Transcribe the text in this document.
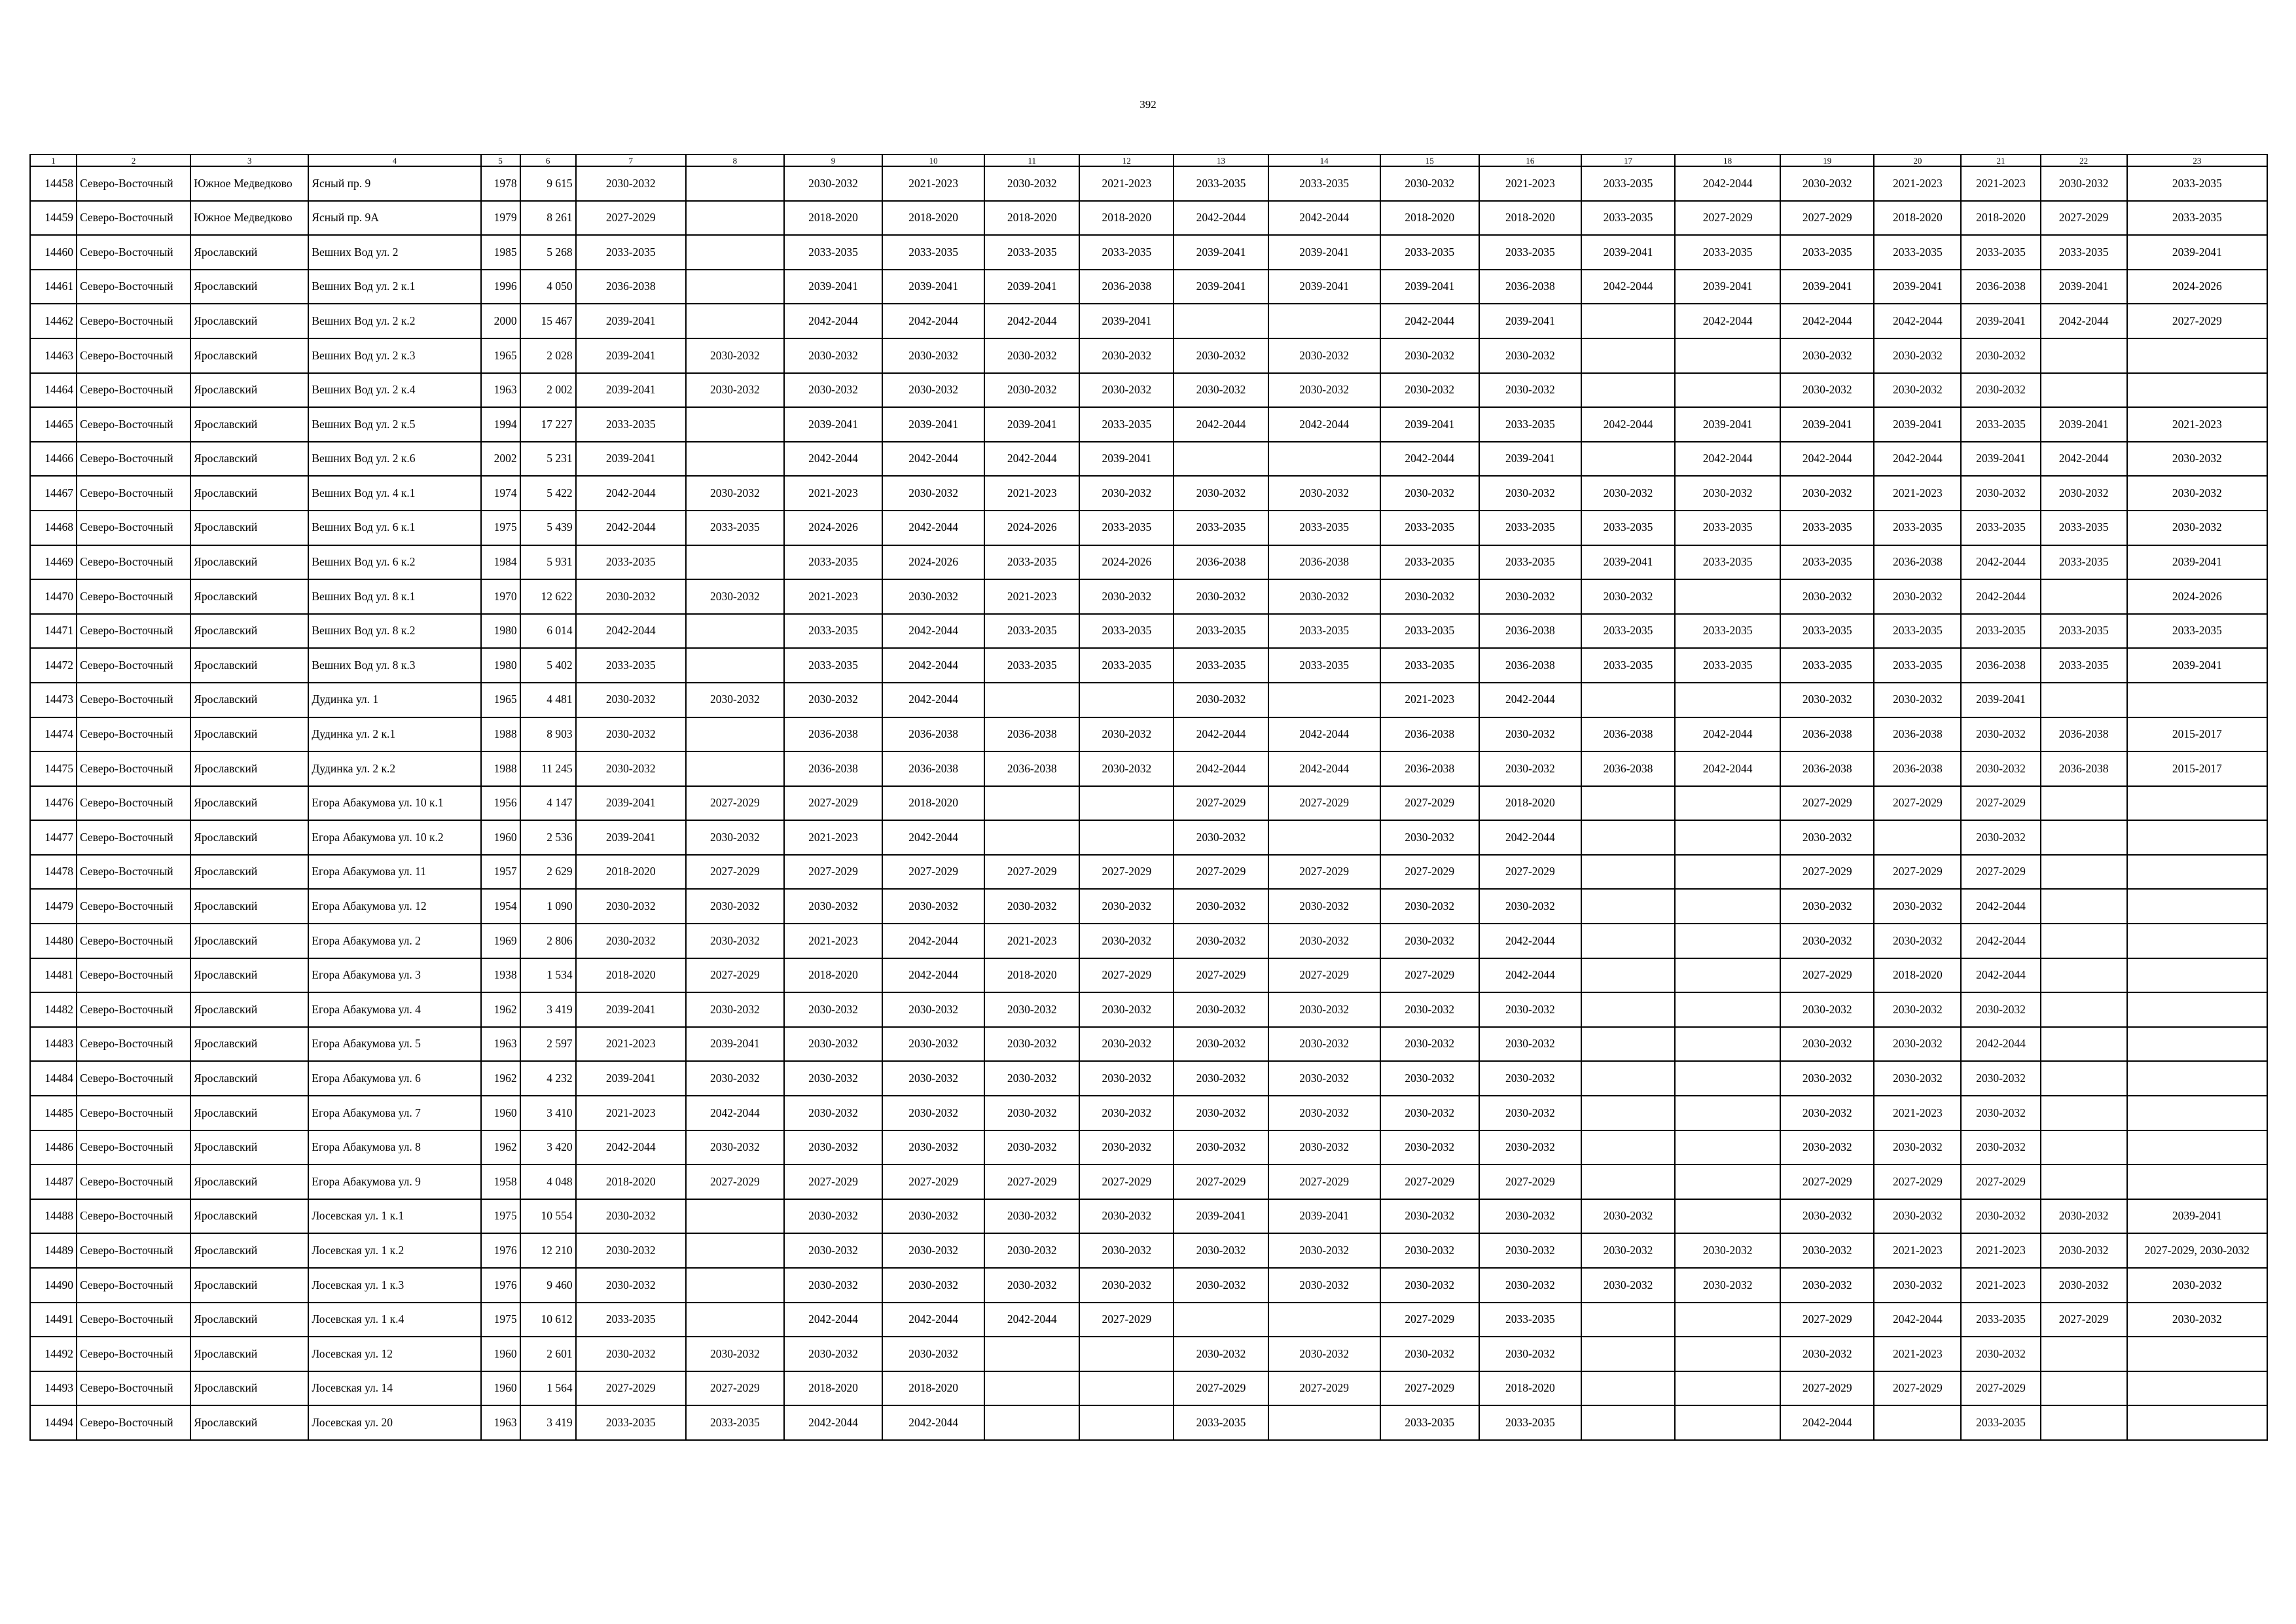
392
1	2	3	4	5	6	7	8	9	10	11	12	13	14	15	16	17	18	19	20	21	22	23
14458	Северо-Восточный	Южное Медведково	Ясный пр. 9	1978	9 615	2030-2032		2030-2032	2021-2023	2030-2032	2021-2023	2033-2035	2033-2035	2030-2032	2021-2023	2033-2035	2042-2044	2030-2032	2021-2023	2021-2023	2030-2032	2033-2035
14459	Северо-Восточный	Южное Медведково	Ясный пр. 9А	1979	8 261	2027-2029		2018-2020	2018-2020	2018-2020	2018-2020	2042-2044	2042-2044	2018-2020	2018-2020	2033-2035	2027-2029	2027-2029	2018-2020	2018-2020	2027-2029	2033-2035
14460	Северо-Восточный	Ярославский	Вешних Вод ул. 2	1985	5 268	2033-2035		2033-2035	2033-2035	2033-2035	2033-2035	2039-2041	2039-2041	2033-2035	2033-2035	2039-2041	2033-2035	2033-2035	2033-2035	2033-2035	2033-2035	2039-2041
14461	Северо-Восточный	Ярославский	Вешних Вод ул. 2 к.1	1996	4 050	2036-2038		2039-2041	2039-2041	2039-2041	2036-2038	2039-2041	2039-2041	2039-2041	2036-2038	2042-2044	2039-2041	2039-2041	2039-2041	2036-2038	2039-2041	2024-2026
14462	Северо-Восточный	Ярославский	Вешних Вод ул. 2 к.2	2000	15 467	2039-2041		2042-2044	2042-2044	2042-2044	2039-2041			2042-2044	2039-2041		2042-2044	2042-2044	2042-2044	2039-2041	2042-2044	2027-2029
14463	Северо-Восточный	Ярославский	Вешних Вод ул. 2 к.3	1965	2 028	2039-2041	2030-2032	2030-2032	2030-2032	2030-2032	2030-2032	2030-2032	2030-2032	2030-2032	2030-2032			2030-2032	2030-2032	2030-2032		
14464	Северо-Восточный	Ярославский	Вешних Вод ул. 2 к.4	1963	2 002	2039-2041	2030-2032	2030-2032	2030-2032	2030-2032	2030-2032	2030-2032	2030-2032	2030-2032	2030-2032			2030-2032	2030-2032	2030-2032		
14465	Северо-Восточный	Ярославский	Вешних Вод ул. 2 к.5	1994	17 227	2033-2035		2039-2041	2039-2041	2039-2041	2033-2035	2042-2044	2042-2044	2039-2041	2033-2035	2042-2044	2039-2041	2039-2041	2039-2041	2033-2035	2039-2041	2021-2023
14466	Северо-Восточный	Ярославский	Вешних Вод ул. 2 к.6	2002	5 231	2039-2041		2042-2044	2042-2044	2042-2044	2039-2041			2042-2044	2039-2041		2042-2044	2042-2044	2042-2044	2039-2041	2042-2044	2030-2032
14467	Северо-Восточный	Ярославский	Вешних Вод ул. 4 к.1	1974	5 422	2042-2044	2030-2032	2021-2023	2030-2032	2021-2023	2030-2032	2030-2032	2030-2032	2030-2032	2030-2032	2030-2032	2030-2032	2030-2032	2021-2023	2030-2032	2030-2032	2030-2032
14468	Северо-Восточный	Ярославский	Вешних Вод ул. 6 к.1	1975	5 439	2042-2044	2033-2035	2024-2026	2042-2044	2024-2026	2033-2035	2033-2035	2033-2035	2033-2035	2033-2035	2033-2035	2033-2035	2033-2035	2033-2035	2033-2035	2033-2035	2030-2032
14469	Северо-Восточный	Ярославский	Вешних Вод ул. 6 к.2	1984	5 931	2033-2035		2033-2035	2024-2026	2033-2035	2024-2026	2036-2038	2036-2038	2033-2035	2033-2035	2039-2041	2033-2035	2033-2035	2036-2038	2042-2044	2033-2035	2039-2041
14470	Северо-Восточный	Ярославский	Вешних Вод ул. 8 к.1	1970	12 622	2030-2032	2030-2032	2021-2023	2030-2032	2021-2023	2030-2032	2030-2032	2030-2032	2030-2032	2030-2032	2030-2032		2030-2032	2030-2032	2042-2044		2024-2026
14471	Северо-Восточный	Ярославский	Вешних Вод ул. 8 к.2	1980	6 014	2042-2044		2033-2035	2042-2044	2033-2035	2033-2035	2033-2035	2033-2035	2033-2035	2036-2038	2033-2035	2033-2035	2033-2035	2033-2035	2033-2035	2033-2035	2033-2035
14472	Северо-Восточный	Ярославский	Вешних Вод ул. 8 к.3	1980	5 402	2033-2035		2033-2035	2042-2044	2033-2035	2033-2035	2033-2035	2033-2035	2033-2035	2036-2038	2033-2035	2033-2035	2033-2035	2033-2035	2036-2038	2033-2035	2039-2041
14473	Северо-Восточный	Ярославский	Дудинка ул. 1	1965	4 481	2030-2032	2030-2032	2030-2032	2042-2044			2030-2032		2021-2023	2042-2044			2030-2032	2030-2032	2039-2041		
14474	Северо-Восточный	Ярославский	Дудинка ул. 2 к.1	1988	8 903	2030-2032		2036-2038	2036-2038	2036-2038	2030-2032	2042-2044	2042-2044	2036-2038	2030-2032	2036-2038	2042-2044	2036-2038	2036-2038	2030-2032	2036-2038	2015-2017
14475	Северо-Восточный	Ярославский	Дудинка ул. 2 к.2	1988	11 245	2030-2032		2036-2038	2036-2038	2036-2038	2030-2032	2042-2044	2042-2044	2036-2038	2030-2032	2036-2038	2042-2044	2036-2038	2036-2038	2030-2032	2036-2038	2015-2017
14476	Северо-Восточный	Ярославский	Егора Абакумова ул. 10 к.1	1956	4 147	2039-2041	2027-2029	2027-2029	2018-2020			2027-2029	2027-2029	2027-2029	2018-2020			2027-2029	2027-2029	2027-2029		
14477	Северо-Восточный	Ярославский	Егора Абакумова ул. 10 к.2	1960	2 536	2039-2041	2030-2032	2021-2023	2042-2044			2030-2032		2030-2032	2042-2044			2030-2032		2030-2032		
14478	Северо-Восточный	Ярославский	Егора Абакумова ул. 11	1957	2 629	2018-2020	2027-2029	2027-2029	2027-2029	2027-2029	2027-2029	2027-2029	2027-2029	2027-2029	2027-2029			2027-2029	2027-2029	2027-2029		
14479	Северо-Восточный	Ярославский	Егора Абакумова ул. 12	1954	1 090	2030-2032	2030-2032	2030-2032	2030-2032	2030-2032	2030-2032	2030-2032	2030-2032	2030-2032	2030-2032			2030-2032	2030-2032	2042-2044		
14480	Северо-Восточный	Ярославский	Егора Абакумова ул. 2	1969	2 806	2030-2032	2030-2032	2021-2023	2042-2044	2021-2023	2030-2032	2030-2032	2030-2032	2030-2032	2042-2044			2030-2032	2030-2032	2042-2044		
14481	Северо-Восточный	Ярославский	Егора Абакумова ул. 3	1938	1 534	2018-2020	2027-2029	2018-2020	2042-2044	2018-2020	2027-2029	2027-2029	2027-2029	2027-2029	2042-2044			2027-2029	2018-2020	2042-2044		
14482	Северо-Восточный	Ярославский	Егора Абакумова ул. 4	1962	3 419	2039-2041	2030-2032	2030-2032	2030-2032	2030-2032	2030-2032	2030-2032	2030-2032	2030-2032	2030-2032			2030-2032	2030-2032	2030-2032		
14483	Северо-Восточный	Ярославский	Егора Абакумова ул. 5	1963	2 597	2021-2023	2039-2041	2030-2032	2030-2032	2030-2032	2030-2032	2030-2032	2030-2032	2030-2032	2030-2032			2030-2032	2030-2032	2042-2044		
14484	Северо-Восточный	Ярославский	Егора Абакумова ул. 6	1962	4 232	2039-2041	2030-2032	2030-2032	2030-2032	2030-2032	2030-2032	2030-2032	2030-2032	2030-2032	2030-2032			2030-2032	2030-2032	2030-2032		
14485	Северо-Восточный	Ярославский	Егора Абакумова ул. 7	1960	3 410	2021-2023	2042-2044	2030-2032	2030-2032	2030-2032	2030-2032	2030-2032	2030-2032	2030-2032	2030-2032			2030-2032	2021-2023	2030-2032		
14486	Северо-Восточный	Ярославский	Егора Абакумова ул. 8	1962	3 420	2042-2044	2030-2032	2030-2032	2030-2032	2030-2032	2030-2032	2030-2032	2030-2032	2030-2032	2030-2032			2030-2032	2030-2032	2030-2032		
14487	Северо-Восточный	Ярославский	Егора Абакумова ул. 9	1958	4 048	2018-2020	2027-2029	2027-2029	2027-2029	2027-2029	2027-2029	2027-2029	2027-2029	2027-2029	2027-2029			2027-2029	2027-2029	2027-2029		
14488	Северо-Восточный	Ярославский	Лосевская ул. 1 к.1	1975	10 554	2030-2032		2030-2032	2030-2032	2030-2032	2030-2032	2039-2041	2039-2041	2030-2032	2030-2032	2030-2032		2030-2032	2030-2032	2030-2032	2030-2032	2039-2041
14489	Северо-Восточный	Ярославский	Лосевская ул. 1 к.2	1976	12 210	2030-2032		2030-2032	2030-2032	2030-2032	2030-2032	2030-2032	2030-2032	2030-2032	2030-2032	2030-2032	2030-2032	2030-2032	2021-2023	2021-2023	2030-2032	2027-2029, 2030-2032
14490	Северо-Восточный	Ярославский	Лосевская ул. 1 к.3	1976	9 460	2030-2032		2030-2032	2030-2032	2030-2032	2030-2032	2030-2032	2030-2032	2030-2032	2030-2032	2030-2032	2030-2032	2030-2032	2030-2032	2021-2023	2030-2032	2030-2032
14491	Северо-Восточный	Ярославский	Лосевская ул. 1 к.4	1975	10 612	2033-2035		2042-2044	2042-2044	2042-2044	2027-2029			2027-2029	2033-2035			2027-2029	2042-2044	2033-2035	2027-2029	2030-2032
14492	Северо-Восточный	Ярославский	Лосевская ул. 12	1960	2 601	2030-2032	2030-2032	2030-2032	2030-2032			2030-2032	2030-2032	2030-2032	2030-2032			2030-2032	2021-2023	2030-2032		
14493	Северо-Восточный	Ярославский	Лосевская ул. 14	1960	1 564	2027-2029	2027-2029	2018-2020	2018-2020			2027-2029	2027-2029	2027-2029	2018-2020			2027-2029	2027-2029	2027-2029		
14494	Северо-Восточный	Ярославский	Лосевская ул. 20	1963	3 419	2033-2035	2033-2035	2042-2044	2042-2044			2033-2035		2033-2035	2033-2035			2042-2044		2033-2035		
